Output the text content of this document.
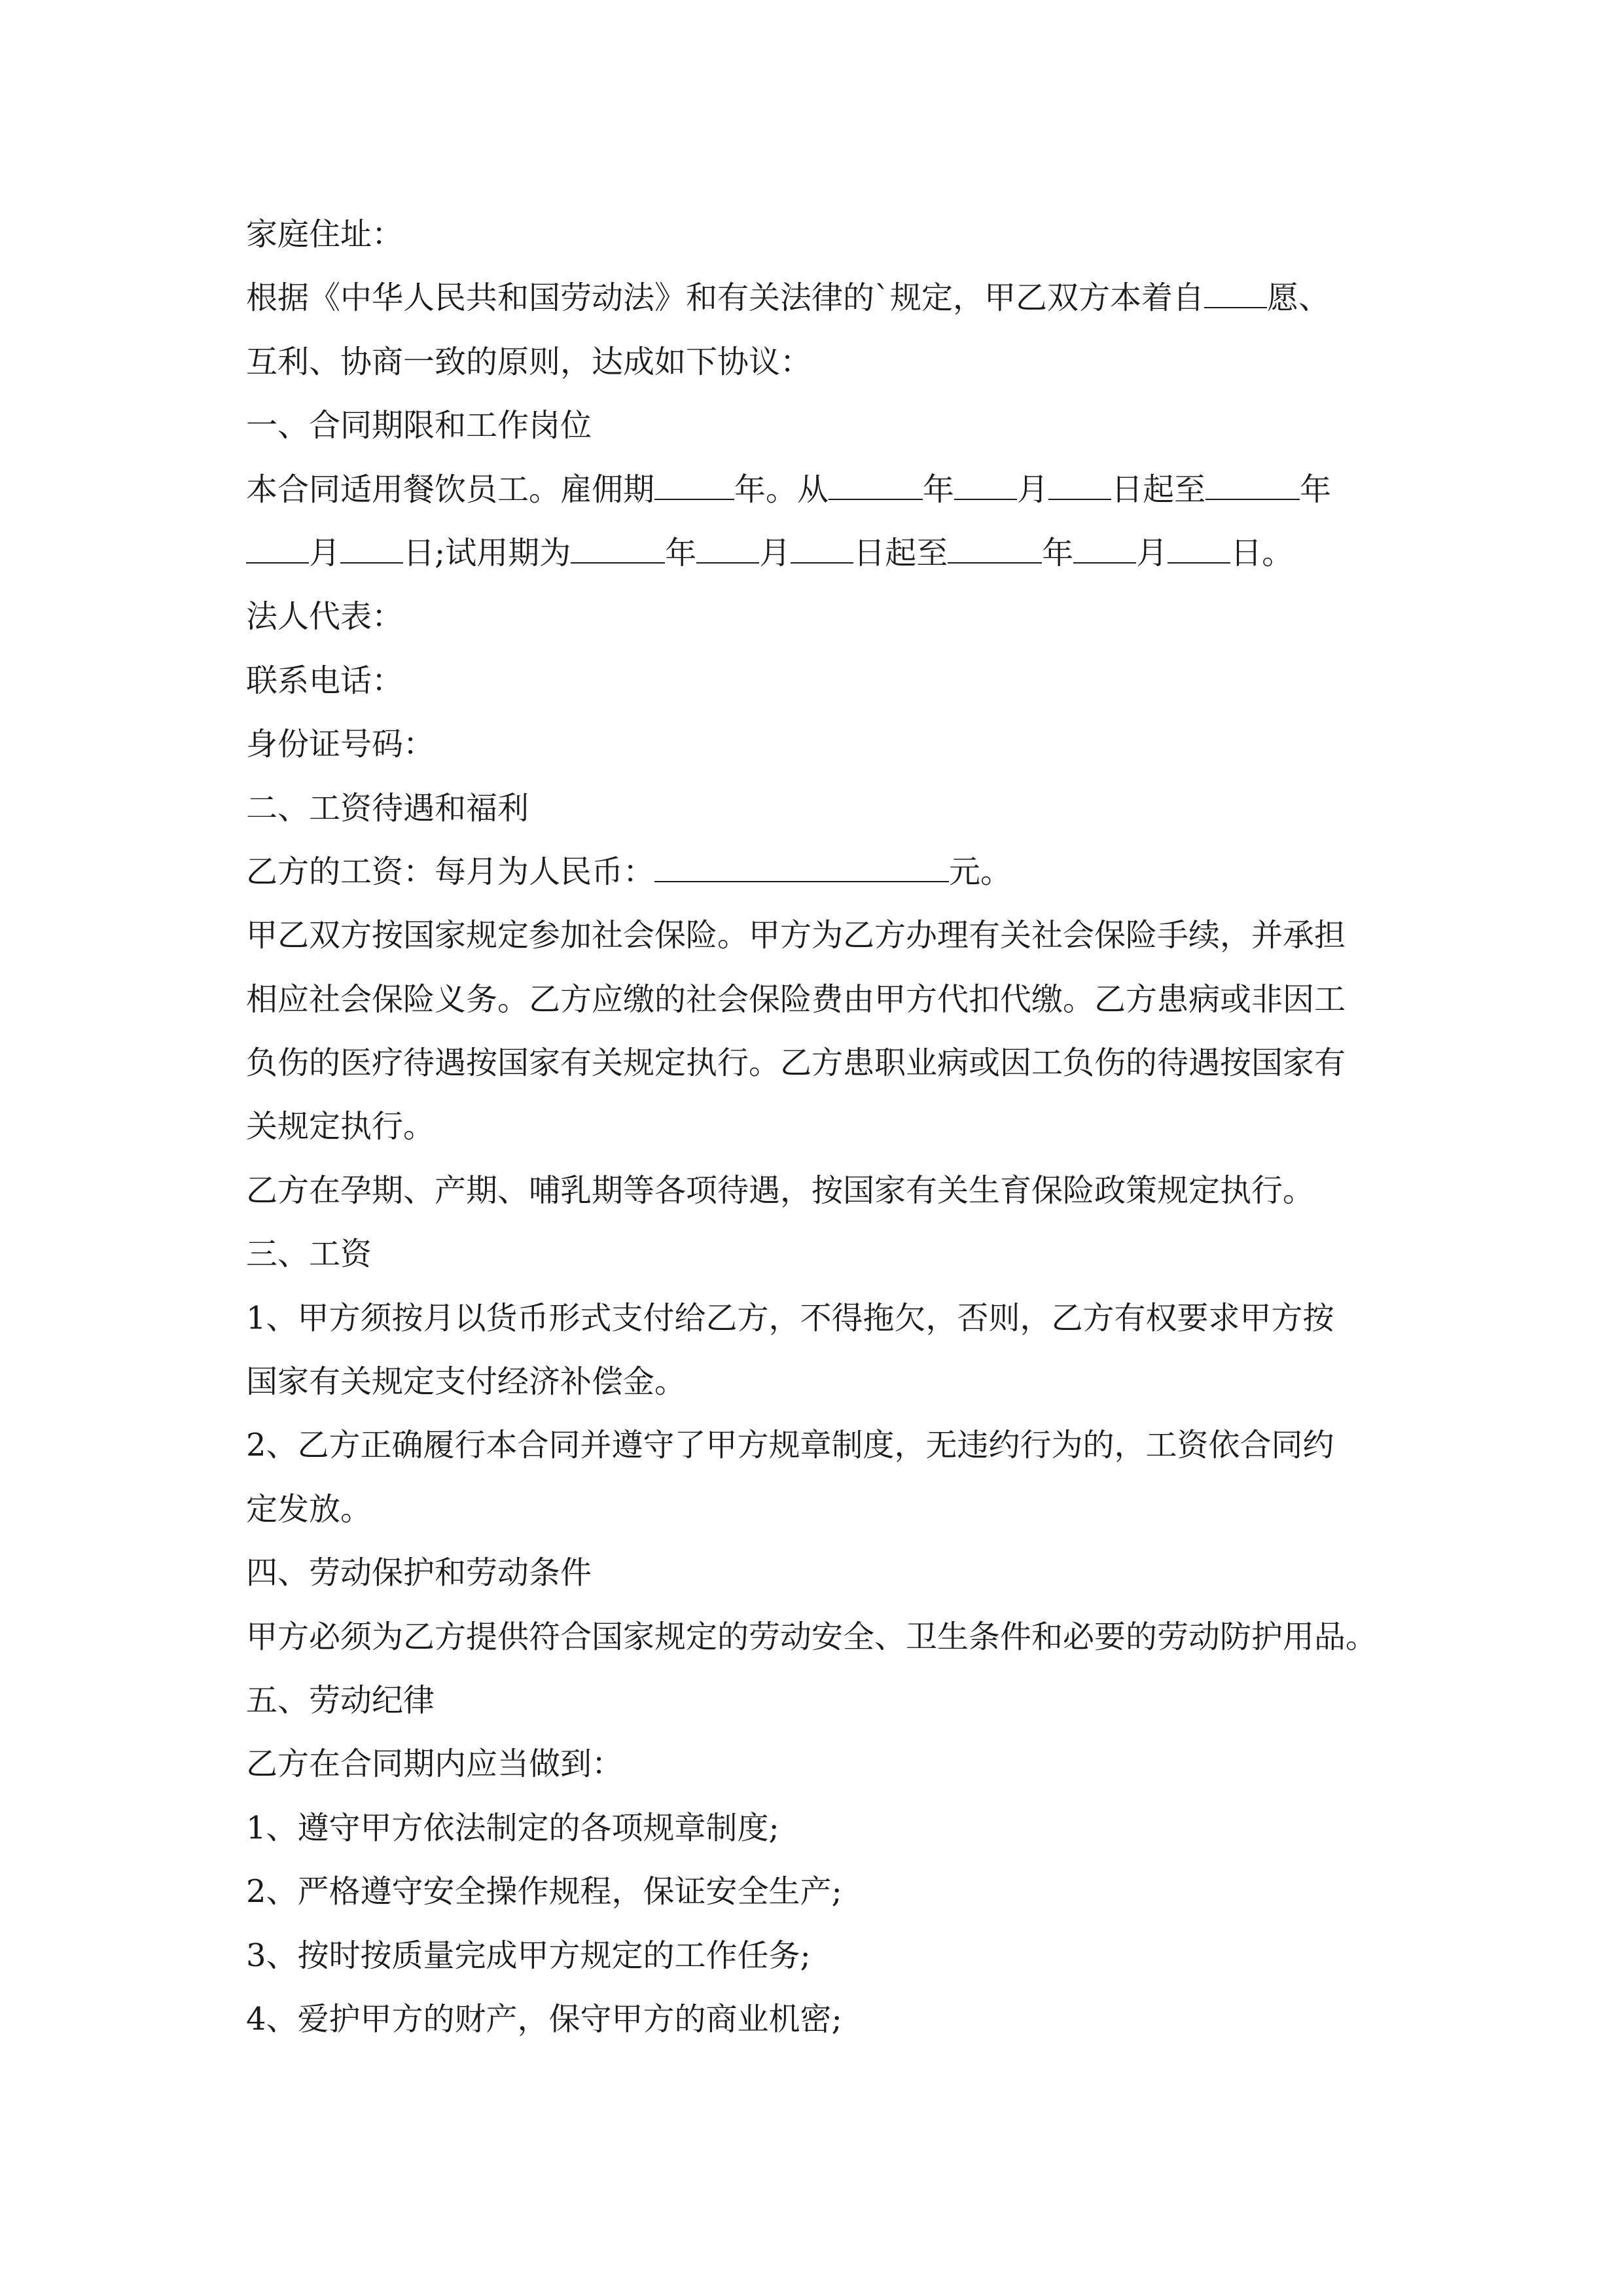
家庭住址：
根据《中华人民共和国劳动法》和有关法律的`规定，甲乙双方本着自 愿、
互利、协商一致的原则，达成如下协议：
一、合同期限和工作岗位
本合同适用餐饮员工。雇佣期	年。从	年 月 日起至	年
月 日;试用期为	年 月 日起至	年 月 日。
法人代表：
联系电话：
身份证号码：
二、工资待遇和福利
乙方的工资：每月为人民币：	元。
甲乙双方按国家规定参加社会保险。甲方为乙方办理有关社会保险手续，并承担
相应社会保险义务。乙方应缴的社会保险费由甲方代扣代缴。乙方患病或非因工
负伤的医疗待遇按国家有关规定执行。乙方患职业病或因工负伤的待遇按国家有
关规定执行。
乙方在孕期、产期、哺乳期等各项待遇，按国家有关生育保险政策规定执行。
三、工资
1、甲方须按月以货币形式支付给乙方，不得拖欠，否则，乙方有权要求甲方按
国家有关规定支付经济补偿金。
2、乙方正确履行本合同并遵守了甲方规章制度，无违约行为的，工资依合同约
定发放。
四、劳动保护和劳动条件
甲方必须为乙方提供符合国家规定的劳动安全、卫生条件和必要的劳动防护用品。
五、劳动纪律
乙方在合同期内应当做到：
1、遵守甲方依法制定的各项规章制度;
2、严格遵守安全操作规程，保证安全生产;
3、按时按质量完成甲方规定的工作任务;
4、爱护甲方的财产，保守甲方的商业机密;
